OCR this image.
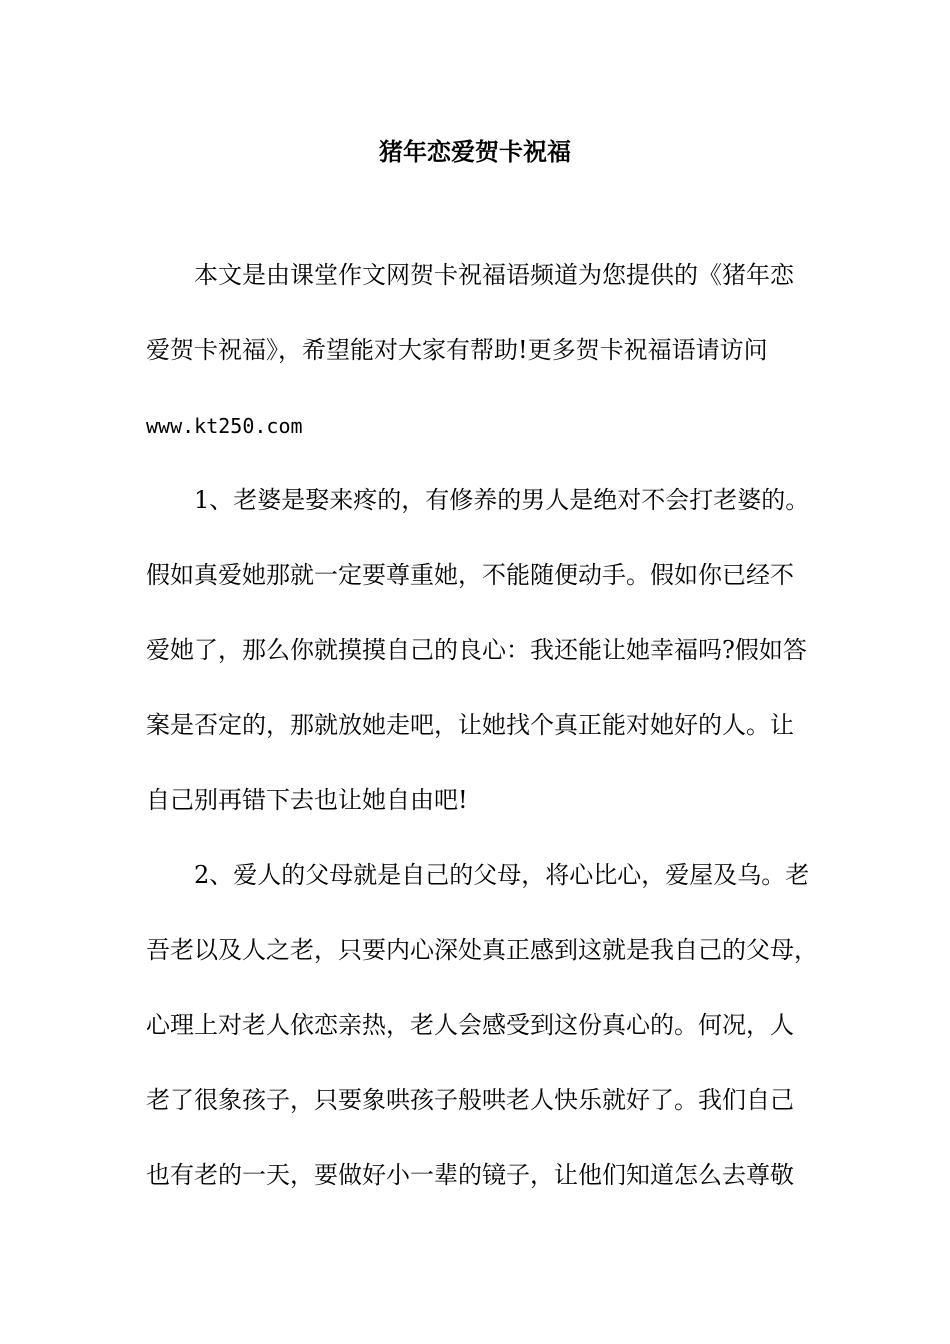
猪年恋爱贺卡祝福
本文是由课堂作文网贺卡祝福语频道为您提供的《猪年恋
爱贺卡祝福》，希望能对大家有帮助!更多贺卡祝福语请访问
www.kt250.com
1、老婆是娶来疼的，有修养的男人是绝对不会打老婆的。
假如真爱她那就一定要尊重她，不能随便动手。假如你已经不
爱她了，那么你就摸摸自己的良心：我还能让她幸福吗?假如答
案是否定的，那就放她走吧，让她找个真正能对她好的人。让
自己别再错下去也让她自由吧!
2、爱人的父母就是自己的父母，将心比心，爱屋及乌。老
吾老以及人之老，只要内心深处真正感到这就是我自己的父母，
心理上对老人依恋亲热，老人会感受到这份真心的。何况，人
老了很象孩子，只要象哄孩子般哄老人快乐就好了。我们自己
也有老的一天，要做好小一辈的镜子，让他们知道怎么去尊敬
